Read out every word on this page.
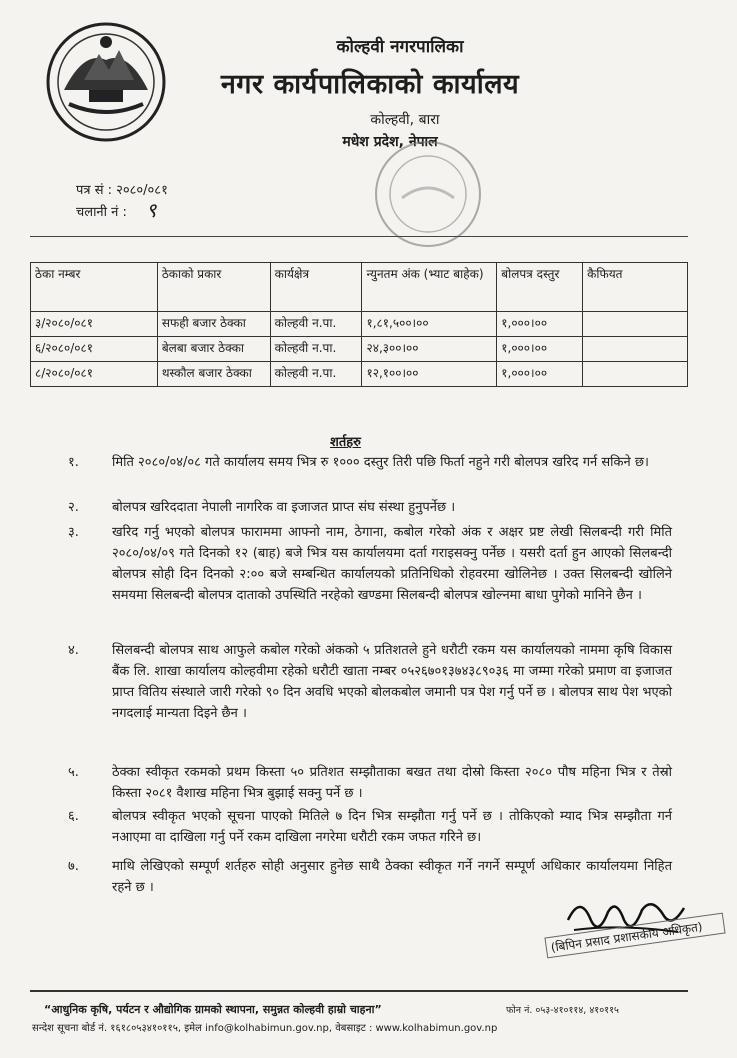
कोल्हवी नगरपालिका
नगर कार्यपालिकाको कार्यालय
कोल्हवी, बारा
मधेश प्रदेश, नेपाल
पत्र सं : २०८०/०८१
चलानी नं : ९
ठेका नम्बर	ठेकाको प्रकार	कार्यक्षेत्र	न्युनतम अंक (भ्याट बाहेक)	बोलपत्र दस्तुर	कैफियत
३/२०८०/०८१	सफही बजार ठेक्का	कोल्हवी न.पा.	१,८१,५००।००	१,०००।००	
६/२०८०/०८१	बेलबा बजार ठेक्का	कोल्हवी न.पा.	२४,३००।००	१,०००।००	
८/२०८०/०८१	थस्कौल बजार ठेक्का	कोल्हवी न.पा.	१२,१००।००	१,०००।००	
शर्तहरु
१.	मिति २०८०/०४/०८ गते कार्यालय समय भित्र रु १००० दस्तुर तिरी पछि फिर्ता नहुने गरी बोलपत्र खरिद गर्न सकिने छ।
२.	बोलपत्र खरिददाता नेपाली नागरिक वा इजाजत प्राप्त संघ संस्था हुनुपर्नेछ ।
३.	खरिद गर्नु भएको बोलपत्र फाराममा आफ्नो नाम, ठेगाना, कबोल गरेको अंक र अक्षर प्रष्ट लेखी सिलबन्दी गरी मिति २०८०/०४/०९ गते दिनको १२ (बाह) बजे भित्र यस कार्यालयमा दर्ता गराइसक्नु पर्नेछ । यसरी दर्ता हुन आएको सिलबन्दी बोलपत्र सोही दिन दिनको २:०० बजे सम्बन्धित कार्यालयको प्रतिनिधिको रोहवरमा खोलिनेछ । उक्त सिलबन्दी खोलिने समयमा सिलबन्दी बोलपत्र दाताको उपस्थिति नरहेको खण्डमा सिलबन्दी बोलपत्र खोल्नमा बाधा पुगेको मानिने छैन ।
४.	सिलबन्दी बोलपत्र साथ आफुले कबोल गरेको अंकको ५ प्रतिशतले हुने धरौटी रकम यस कार्यालयको नाममा कृषि विकास बैंक लि. शाखा कार्यालय कोल्हवीमा रहेको धरौटी खाता नम्बर ०५२६७०१३७४३८९०३६ मा जम्मा गरेको प्रमाण वा इजाजत प्राप्त वितिय संस्थाले जारी गरेको ९० दिन अवधि भएको बोलकबोल जमानी पत्र पेश गर्नु पर्ने छ । बोलपत्र साथ पेश भएको नगदलाई मान्यता दिइने छैन ।
५.	ठेक्का स्वीकृत रकमको प्रथम किस्ता ५० प्रतिशत सम्झौताका बखत तथा दोस्रो किस्ता २०८० पौष महिना भित्र र तेस्रो किस्ता २०८१ वैशाख महिना भित्र बुझाई सक्नु पर्ने छ ।
६.	बोलपत्र स्वीकृत भएको सूचना पाएको मितिले ७ दिन भित्र सम्झौता गर्नु पर्ने छ । तोकिएको म्याद भित्र सम्झौता गर्न नआएमा वा दाखिला गर्नु पर्ने रकम दाखिला नगरेमा धरौटी रकम जफत गरिने छ।
७.	माथि लेखिएको सम्पूर्ण शर्तहरु सोही अनुसार हुनेछ साथै ठेक्का स्वीकृत गर्ने नगर्ने सम्पूर्ण अधिकार कार्यालयमा निहित रहने छ ।
(बिपिन प्रसाद प्रशासकीय अधिकृत)
“आधुनिक कृषि, पर्यटन र औद्योगिक ग्रामको स्थापना, समुन्नत कोल्हवी हाम्रो चाहना”	फोन नं. ०५३-४१०११४, ४१०११५
सन्देश सूचना बोर्ड नं. १६१८०५३४१०११५, इमेल info@kolhabimun.gov.np, वेबसाइट : www.kolhabimun.gov.np
